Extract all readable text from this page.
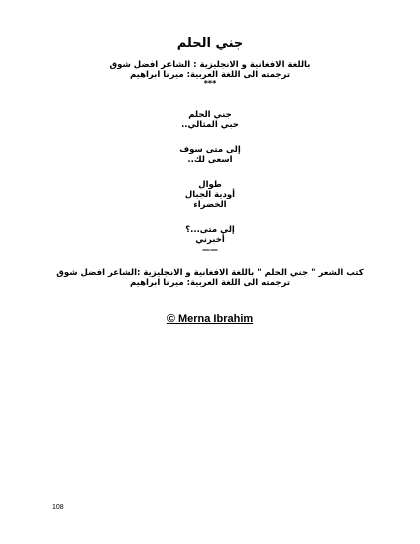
جني الحلم
باللغة الافغانية و الانجليزية : الشاعر افضل شوق
ترجمته الى اللغة العربية: ميرنا ابراهيم
***
جني الحلم
حبي المثالي..
إلى متى سوف
اسعى لك..
طوال
أودية الجبال
الخضراء
إلى متى...؟
أخبرني
——
كتب الشعر " جني الحلم " باللغة الافغانية و الانجليزية :الشاعر افضل شوق
ترجمته الى اللغة العربية: ميرنا ابراهيم
© Merna Ibrahim
108
